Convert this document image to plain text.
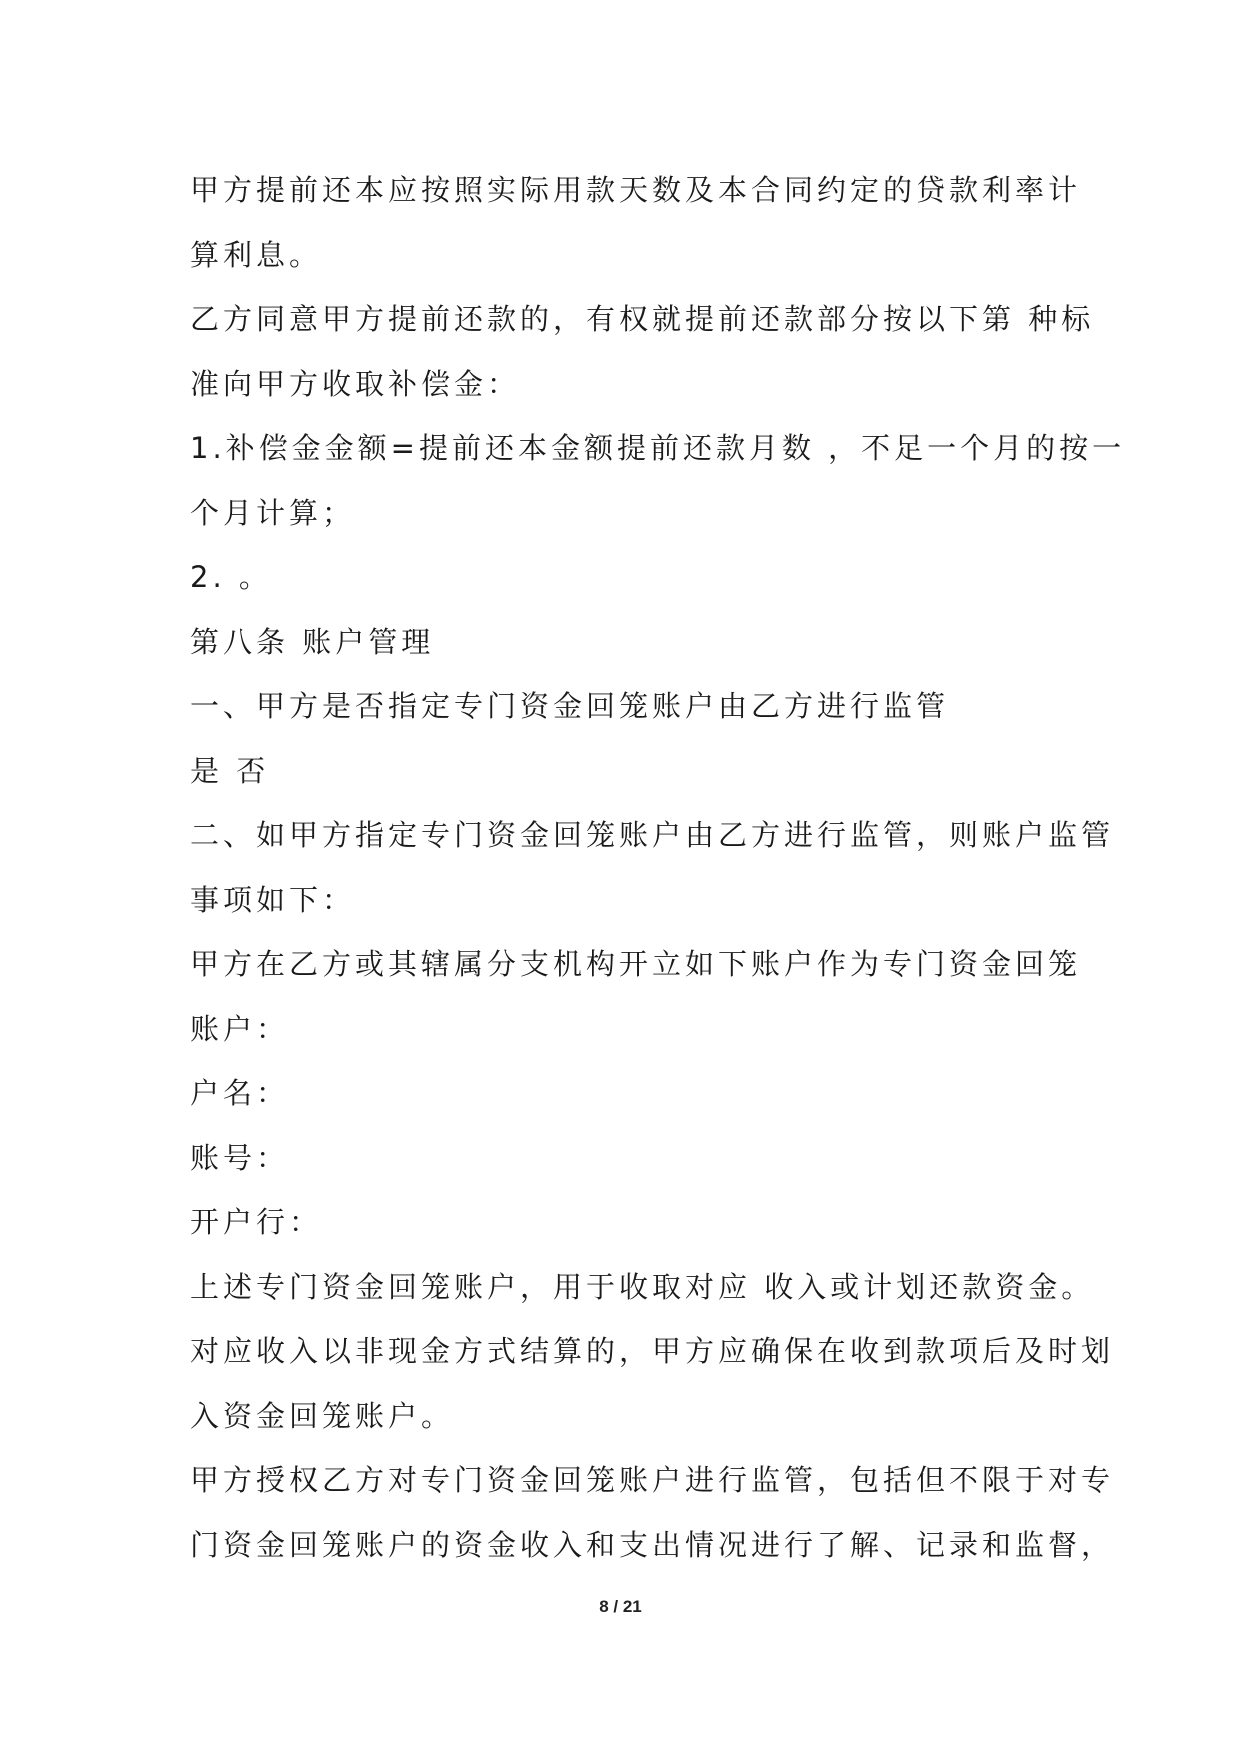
甲方提前还本应按照实际用款天数及本合同约定的贷款利率计

算利息。

乙方同意甲方提前还款的，有权就提前还款部分按以下第 种标

准向甲方收取补偿金：

1.补偿金金额=提前还本金额提前还款月数 ，不足一个月的按一

个月计算；

2. 。

第八条 账户管理

一、甲方是否指定专门资金回笼账户由乙方进行监管

是 否

二、如甲方指定专门资金回笼账户由乙方进行监管，则账户监管

事项如下：

甲方在乙方或其辖属分支机构开立如下账户作为专门资金回笼

账户：

户名：

账号：

开户行：

上述专门资金回笼账户，用于收取对应 收入或计划还款资金。

对应收入以非现金方式结算的，甲方应确保在收到款项后及时划

入资金回笼账户。

甲方授权乙方对专门资金回笼账户进行监管，包括但不限于对专

门资金回笼账户的资金收入和支出情况进行了解、记录和监督，

8 / 21
